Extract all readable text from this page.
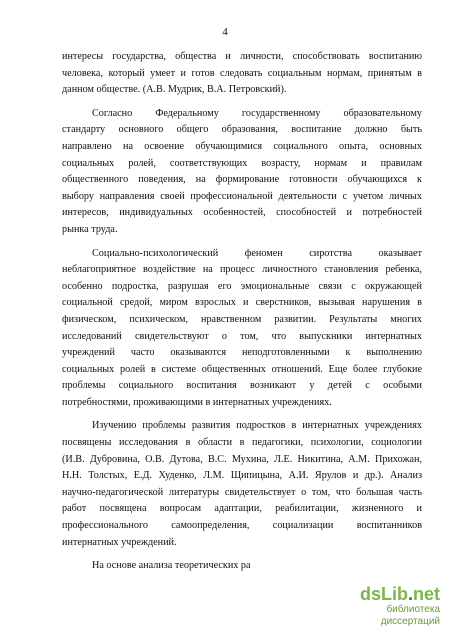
4
интересы государства, общества и личности, способствовать воспитанию
человека, который умеет и готов следовать социальным нормам, принятым в
данном обществе. (А.В. Мудрик, В.А. Петровский).
Согласно Федеральному государственному образовательному
стандарту основного общего образования, воспитание должно быть
направлено на освоение обучающимися социального опыта, основных
социальных ролей, соответствующих возрасту, нормам и правилам
общественного поведения, на формирование готовности обучающихся к
выбору направления своей профессиональной деятельности с учетом личных
интересов, индивидуальных особенностей, способностей и потребностей
рынка труда.
Социально-психологический феномен сиротства оказывает
неблагоприятное воздействие на процесс личностного становления ребенка,
особенно подростка, разрушая его эмоциональные связи с окружающей
социальной средой, миром взрослых и сверстников, вызывая нарушения в
физическом, психическом, нравственном развитии. Результаты многих
исследований свидетельствуют о том, что выпускники интернатных
учреждений часто оказываются неподготовленными к выполнению
социальных ролей в системе общественных отношений. Еще более глубокие
проблемы социального воспитания возникают у детей с особыми
потребностями, проживающими в интернатных учреждениях.
Изучению проблемы развития подростков в интернатных учреждениях
посвящены исследования в области в педагогики, психологии, социологии
(И.В. Дубровина, О.В. Дутова, В.С. Мухина, Л.Е. Никитина, А.М. Прихожан,
Н.Н. Толстых, Е.Д. Худенко, Л.М. Щипицына, А.И. Ярулов и др.). Анализ
научно-педагогической литературы свидетельствует о том, что большая часть
работ посвящена вопросам адаптации, реабилитации, жизненного и
профессионального самоопределения, социализации воспитанников
интернатных учреждений.
На основе анализа теоретических ра
dsLib.net
библиотека диссертаций
